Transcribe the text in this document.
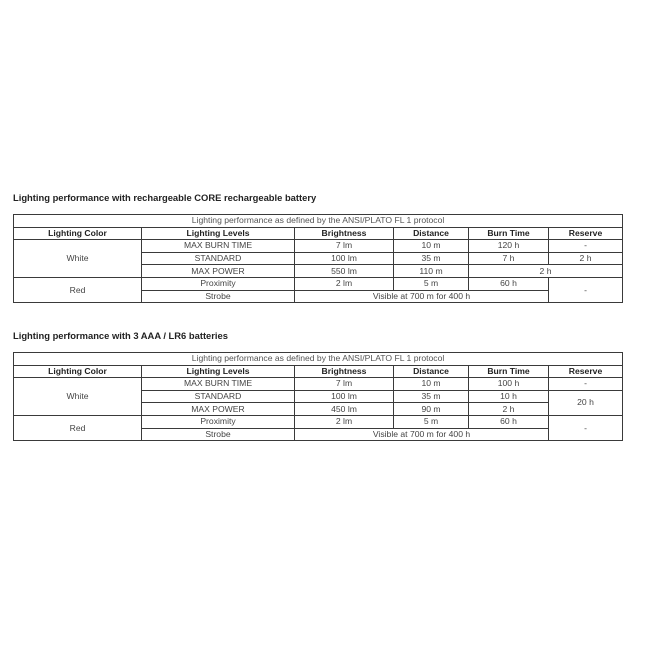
Lighting performance with rechargeable CORE rechargeable battery
Lighting performance as defined by the ANSI/PLATO FL 1 protocol					
Lighting Color	Lighting Levels	Brightness	Distance	Burn Time	Reserve
White	MAX BURN TIME	7 lm	10 m	120 h	-
	STANDARD	100 lm	35 m	7 h	2 h
	MAX POWER	550 lm	110 m	2 h	
Red	Proximity	2 lm	5 m	60 h	-
	Strobe	Visible at 700 m for 400 h			
Lighting performance with 3 AAA / LR6 batteries
Lighting performance as defined by the ANSI/PLATO FL 1 protocol					
Lighting Color	Lighting Levels	Brightness	Distance	Burn Time	Reserve
White	MAX BURN TIME	7 lm	10 m	100 h	-
	STANDARD	100 lm	35 m	10 h	20 h
	MAX POWER	450 lm	90 m	2 h	
Red	Proximity	2 lm	5 m	60 h	-
	Strobe	Visible at 700 m for 400 h			
